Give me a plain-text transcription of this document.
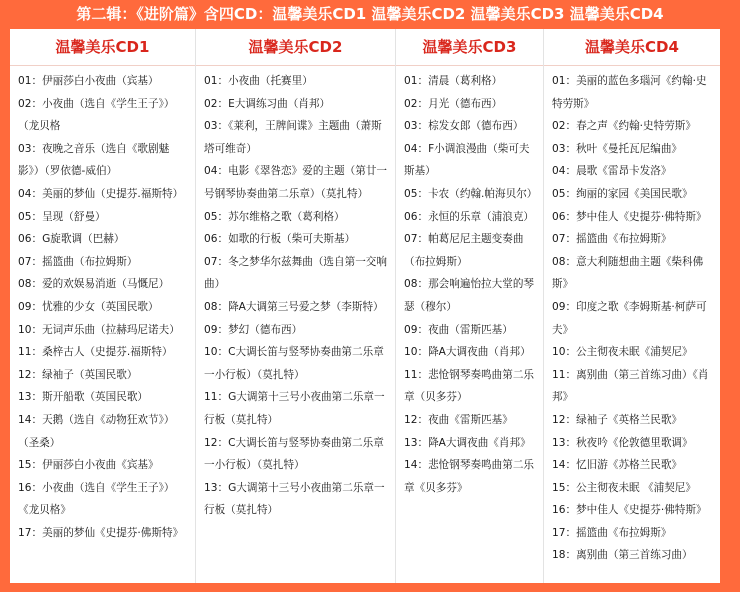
第二辑：《进阶篇》含四CD：温馨美乐CD1 温馨美乐CD2 温馨美乐CD3 温馨美乐CD4
温馨美乐CD1
01：伊丽莎白小夜曲（宾基）
02：小夜曲（选自《学生王子》）（龙贝格
03：夜晚之音乐（选自《歌剧魅影》）（罗依德-威伯）
04：美丽的梦仙（史提芬.福斯特）
05：呈现（舒曼）
06：G旋歌调（巴赫）
07：摇篮曲（布拉姆斯）
08：爱的欢娱易消逝（马慨尼）
09：忧雅的少女（英国民歌）
10：无词声乐曲（拉赫玛尼诺夫）
11：桑梓古人（史提芬.福斯特）
12：绿袖子（英国民歌）
13：斯开船歌（英国民歌）
14：天鹅（选自《动物狂欢节》）（圣桑）
15：伊丽莎白小夜曲《宾基》
16：小夜曲（选自《学生王子》）《龙贝格》
17：美丽的梦仙《史提芬·佛斯特》
温馨美乐CD2
01：小夜曲（托赛里）
02：E大调练习曲（肖邦）
03：《莱利，王牌间谍》主题曲（萧斯塔可维奇）
04：电影《翠咎恋》爱的主题（第廿一号钢琴协奏曲第二乐章）（莫扎特）
05：苏尔维格之歌（葛利格）
06：如歌的行板（柴可夫斯基）
07：冬之梦华尔兹舞曲（选自第一交响曲）
08：降A大调第三号爱之梦（李斯特）
09：梦幻（德布西）
10：C大调长笛与竖琴协奏曲第二乐章一小行板）（莫扎特）
11：G大调第十三号小夜曲第二乐章一行板（莫扎特）
12：C大调长笛与竖琴协奏曲第二乐章一小行板）（莫扎特）
13：G大调第十三号小夜曲第二乐章一行板（莫扎特）
温馨美乐CD3
01：清晨（葛利格）
02：月光（德布西）
03：棕发女郎（德布西）
04：F小调浪漫曲（柴可夫斯基）
05：卡农（约翰.帕海贝尔）
06：永恒的乐章（浦浪克）
07：帕葛尼尼主题变奏曲（布拉姆斯）
08：那会响遍怡拉大堂的琴瑟（穆尔）
09：夜曲（雷斯匹基）
10：降A大调夜曲（肖邦）
11：悲怆钢琴奏鸣曲第二乐章（贝多芬）
12：夜曲《雷斯匹基》
13：降A大调夜曲《肖邦》
14：悲怆钢琴奏鸣曲第二乐章《贝多芬》
温馨美乐CD4
01：美丽的蓝色多瑙河《约翰·史特劳斯》
02：春之声《约翰·史特劳斯》
03：秋叶《曼托瓦尼编曲》
04：晨歌《雷昂卡发洛》
05：绚丽的家园《美国民歌》
06：梦中佳人《史提芬·佛特斯》
07：摇篮曲《布拉姆斯》
08：意大利随想曲主题《柴科佛斯》
09：印度之歌《李姆斯基·柯萨可夫》
10：公主彻夜未眠《浦契尼》
11：离别曲（第三首练习曲）《肖邦》
12：绿袖子《英格兰民歌》
13：秋夜吟《伦敦德里歌调》
14：忆旧游《苏格兰民歌》
15：公主彻夜未眠 《浦契尼》
16：梦中佳人《史提芬·佛特斯》
17：摇篮曲《布拉姆斯》
18：离别曲（第三首练习曲）
